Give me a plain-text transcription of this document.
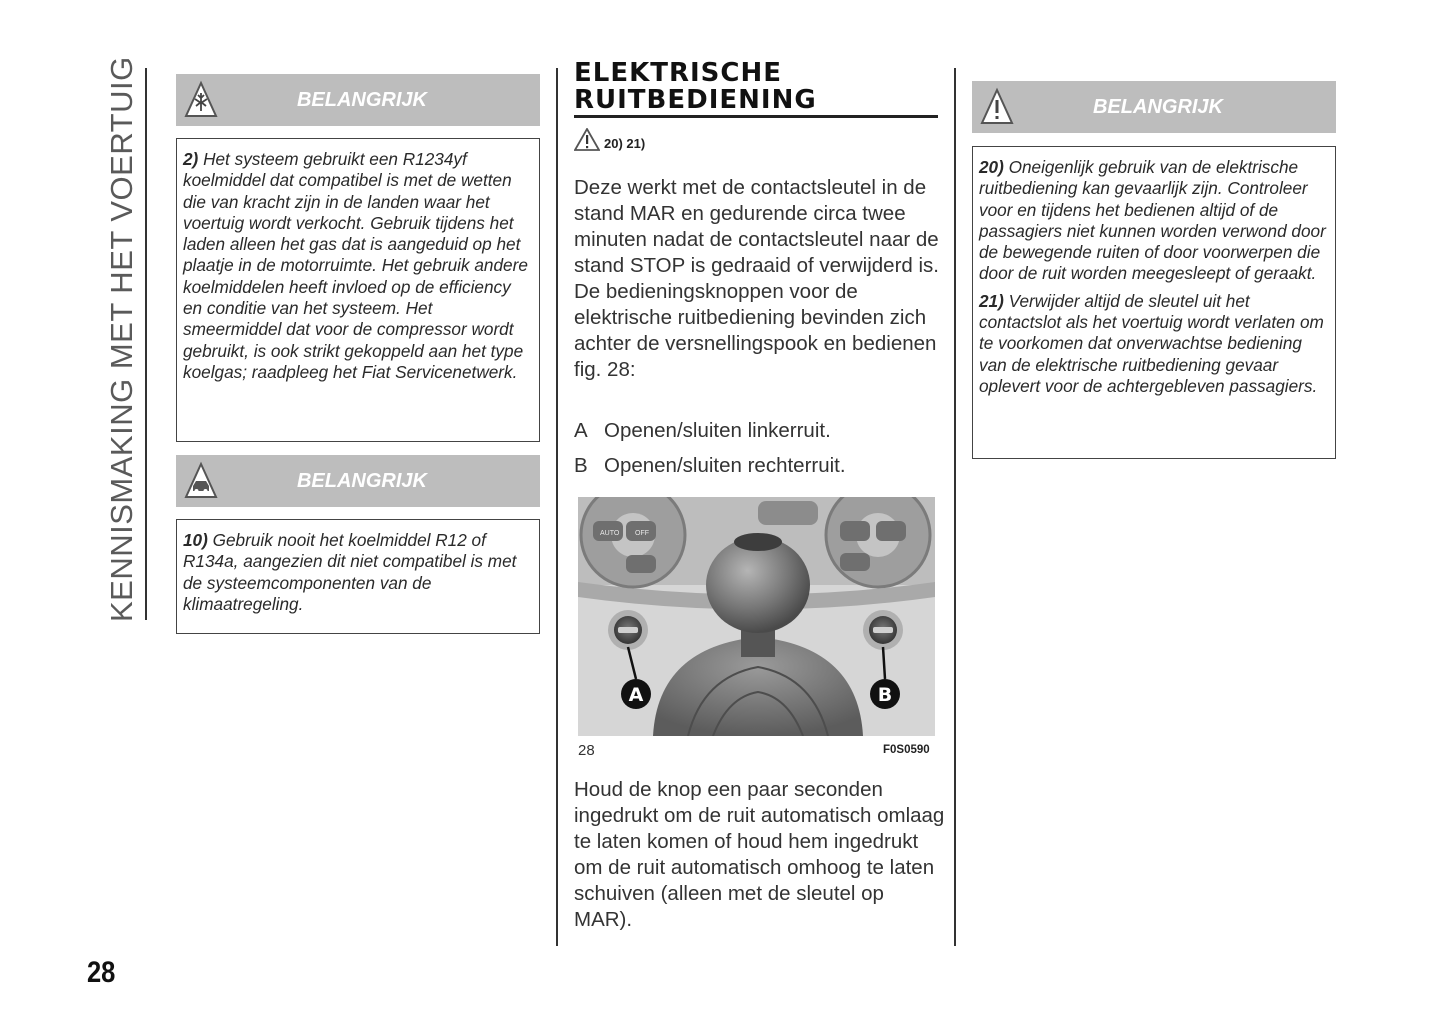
KENNISMAKING MET HET VOERTUIG
28
BELANGRIJK

2) Het systeem gebruikt een R1234yf koelmiddel dat compatibel is met de wetten die van kracht zijn in de landen waar het voertuig wordt verkocht. Gebruik tijdens het laden alleen het gas dat is aangeduid op het plaatje in de motorruimte. Het gebruik andere koelmiddelen heeft invloed op de efficiency en conditie van het systeem. Het smeermiddel dat voor de compressor wordt gebruikt, is ook strikt gekoppeld aan het type koelgas; raadpleeg het Fiat Servicenetwerk.

BELANGRIJK

10) Gebruik nooit het koelmiddel R12 of R134a, aangezien dit niet compatibel is met de systeemcomponenten van de klimaatregeling.

ELEKTRISCHE
RUITBEDIENING
20) 21)

Deze werkt met de contactsleutel in de stand MAR en gedurende circa twee minuten nadat de contactsleutel naar de stand STOP is gedraaid of verwijderd is.

De bedieningsknoppen voor de elektrische ruitbediening bevinden zich achter de versnellingspook en bedienen fig. 28:

A Openen/sluiten linkerruit.
B Openen/sluiten rechterruit.
AUTO OFF
A	B
28	F0S0590

Houd de knop een paar seconden ingedrukt om de ruit automatisch omlaag te laten komen of houd hem ingedrukt om de ruit automatisch omhoog te laten schuiven (alleen met de sleutel op MAR).

BELANGRIJK

20) Oneigenlijk gebruik van de elektrische ruitbediening kan gevaarlijk zijn. Controleer voor en tijdens het bedienen altijd of de passagiers niet kunnen worden verwond door de bewegende ruiten of door voorwerpen die door de ruit worden meegesleept of geraakt.

21) Verwijder altijd de sleutel uit het contactslot als het voertuig wordt verlaten om te voorkomen dat onverwachtse bediening van de elektrische ruitbediening gevaar oplevert voor de achtergebleven passagiers.
